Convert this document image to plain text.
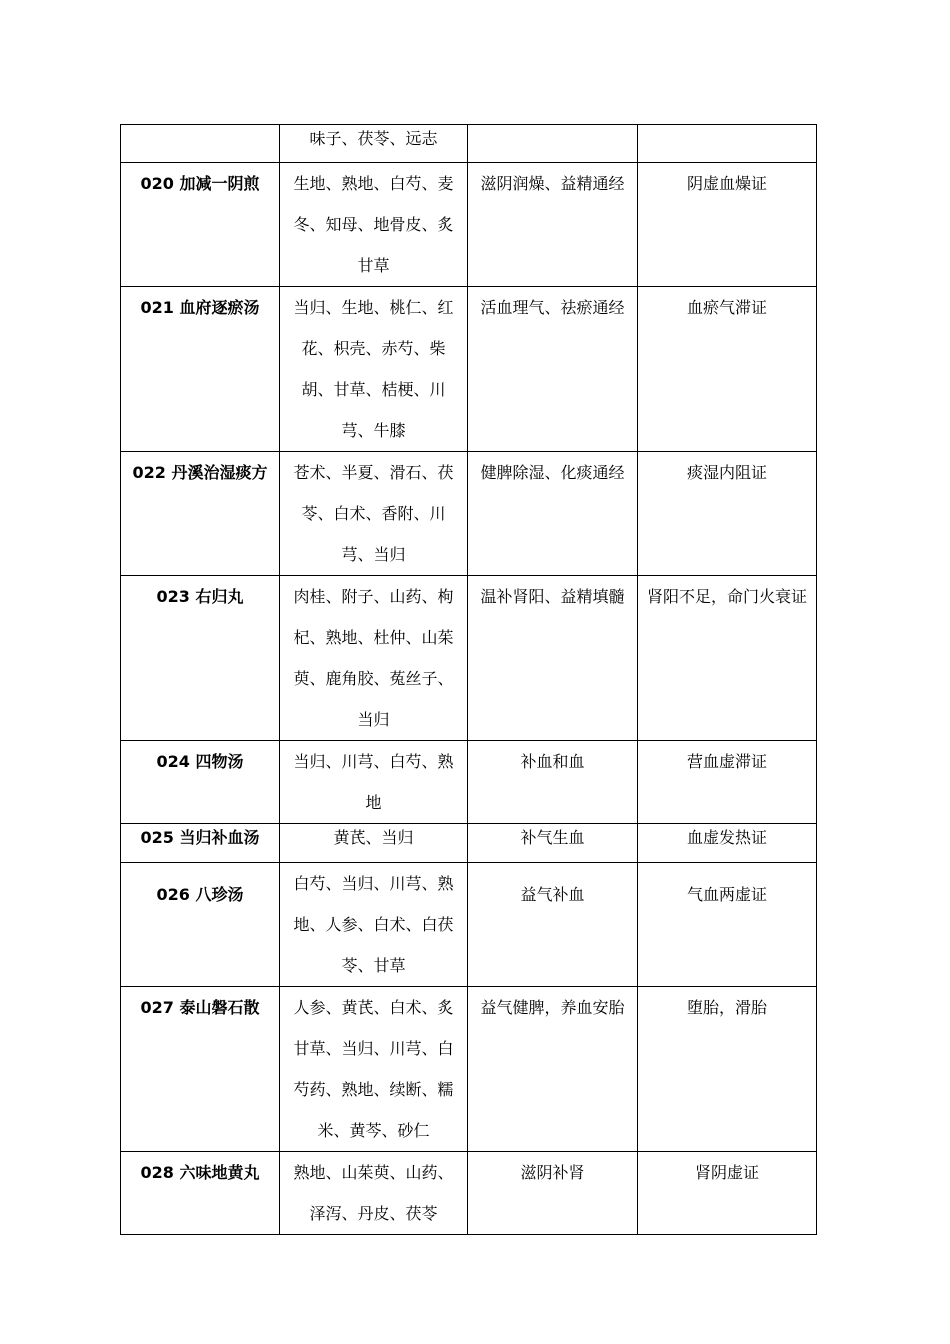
	味子、茯苓、远志		

020 加减一阴煎	生地、熟地、白芍、麦冬、知母、地骨皮、炙甘草	滋阴润燥、益精通经	阴虚血燥证

021 血府逐瘀汤	当归、生地、桃仁、红花、枳壳、赤芍、柴胡、甘草、桔梗、川芎、牛膝	活血理气、祛瘀通经	血瘀气滞证

022 丹溪治湿痰方	苍术、半夏、滑石、茯苓、白术、香附、川芎、当归	健脾除湿、化痰通经	痰湿内阻证

023 右归丸	肉桂、附子、山药、枸杞、熟地、杜仲、山茱萸、鹿角胶、菟丝子、当归	温补肾阳、益精填髓	肾阳不足，命门火衰证

024 四物汤	当归、川芎、白芍、熟地	补血和血	营血虚滞证

025 当归补血汤	黄芪、当归	补气生血	血虚发热证

026 八珍汤	白芍、当归、川芎、熟地、人参、白术、白茯苓、甘草	益气补血	气血两虚证

027 泰山磐石散	人参、黄芪、白术、炙甘草、当归、川芎、白芍药、熟地、续断、糯米、黄芩、砂仁	益气健脾，养血安胎	堕胎，滑胎

028 六味地黄丸	熟地、山茱萸、山药、泽泻、丹皮、茯苓	滋阴补肾	肾阴虚证
